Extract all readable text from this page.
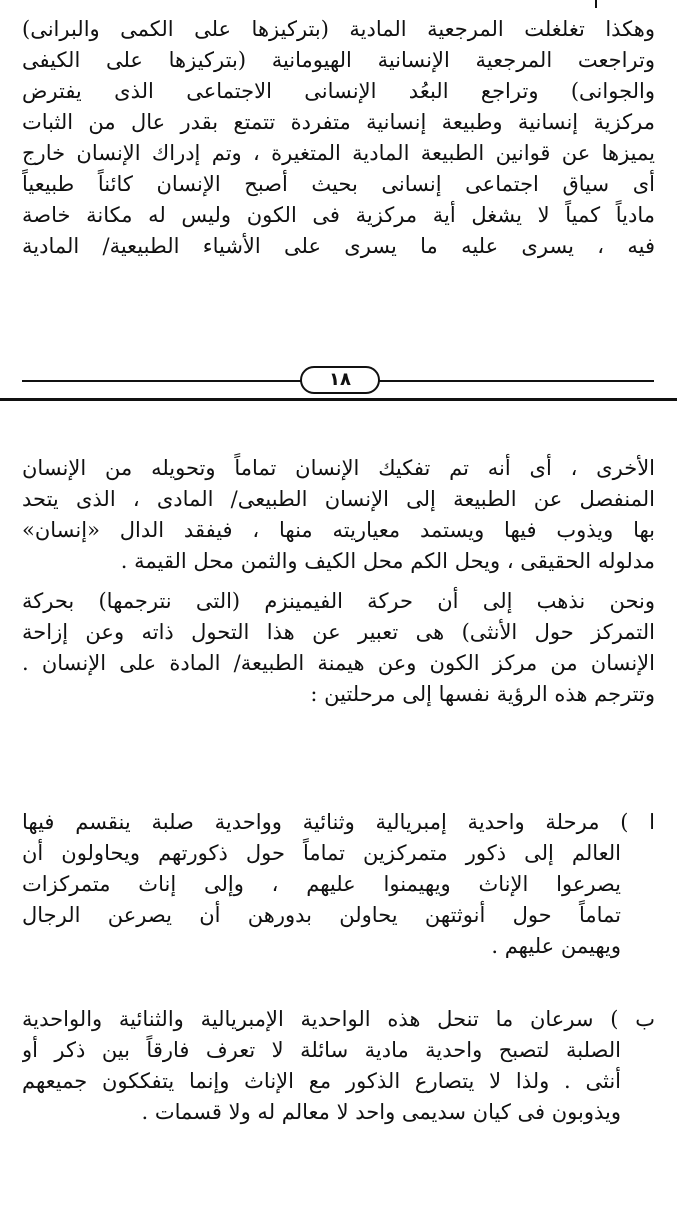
وهكذا تغلغلت المرجعية المادية (بتركيزها على الكمى والبرانى)
وتراجعت المرجعية الإنسانية الهيومانية (بتركيزها على الكيفى
والجوانى) وتراجع البعُد الإنسانى الاجتماعى الذى يفترض
مركزية إنسانية وطبيعة إنسانية متفردة تتمتع بقدر عال من الثبات
يميزها عن قوانين الطبيعة المادية المتغيرة ، وتم إدراك الإنسان خارج
أى سياق اجتماعى إنسانى بحيث أصبح الإنسان كائناً طبيعياً
مادياً كمياً لا يشغل أية مركزية فى الكون وليس له مكانة خاصة
فيه ، يسرى عليه ما يسرى على الأشياء الطبيعية/ المادية
١٨
الأخرى ، أى أنه تم تفكيك الإنسان تماماً وتحويله من الإنسان
المنفصل عن الطبيعة إلى الإنسان الطبيعى/ المادى ، الذى يتحد
بها ويذوب فيها ويستمد معياريته منها ، فيفقد الدال «إنسان»
مدلوله الحقيقى ، ويحل الكم محل الكيف والثمن محل القيمة .
ونحن نذهب إلى أن حركة الفيمينزم (التى نترجمها) بحركة
التمركز حول الأنثى) هى تعبير عن هذا التحول ذاته وعن إزاحة
الإنسان من مركز الكون وعن هيمنة الطبيعة/ المادة على الإنسان .
وتترجم هذه الرؤية نفسها إلى مرحلتين :
ا ) مرحلة واحدية إمبريالية وثنائية وواحدية صلبة ينقسم فيها
العالم إلى ذكور متمركزين تماماً حول ذكورتهم ويحاولون أن
يصرعوا الإناث ويهيمنوا عليهم ، وإلى إناث متمركزات
تماماً حول أنوثتهن يحاولن بدورهن أن يصرعن الرجال
ويهيمن عليهم .
ب ) سرعان ما تنحل هذه الواحدية الإمبريالية والثنائية والواحدية
الصلبة لتصبح واحدية مادية سائلة لا تعرف فارقاً بين ذكر أو
أنثى . ولذا لا يتصارع الذكور مع الإناث وإنما يتفككون جميعهم
ويذوبون فى كيان سديمى واحد لا معالم له ولا قسمات .
